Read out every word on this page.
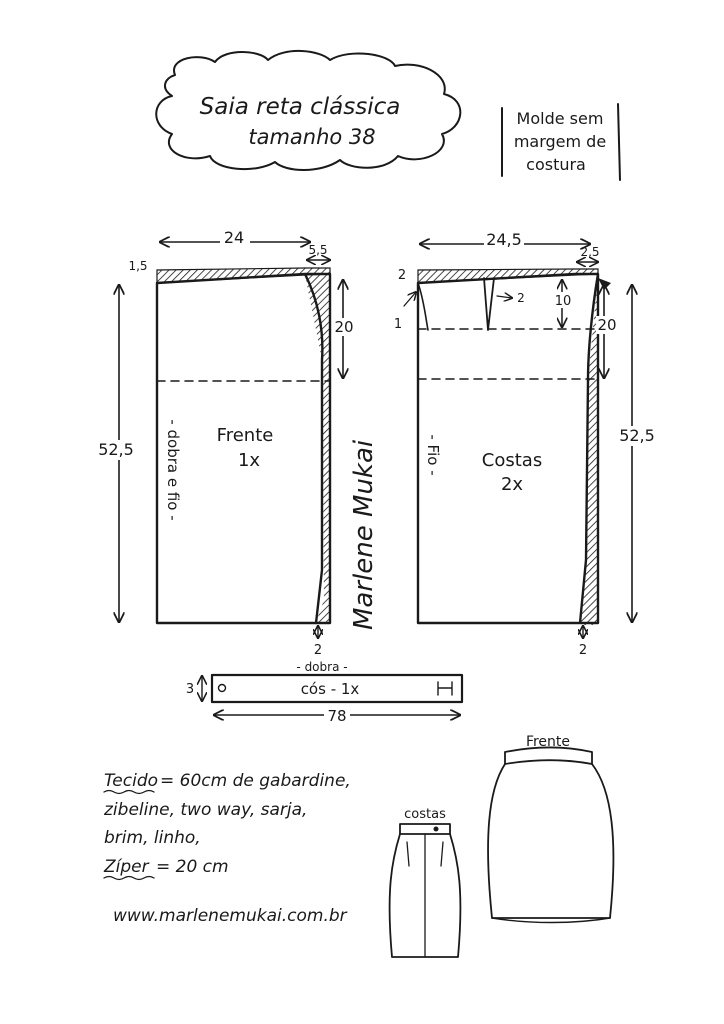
Saia reta clássica
tamanho 38
Molde sem
margem de
costura
Frente
1x
- dobra e fio -
24
5,5
1,5
20
52,5
2
Marlene Mukai
2
Costas
2x
- Fio -
24,5
2,5
2
1
10
20
52,5
2
- dobra -
cós - 1x
3
78
Tecido = 60cm de gabardine,
zibeline, two way, sarja,
brim, linho,
Zíper = 20 cm
www.marlenemukai.com.br
costas
Frente
